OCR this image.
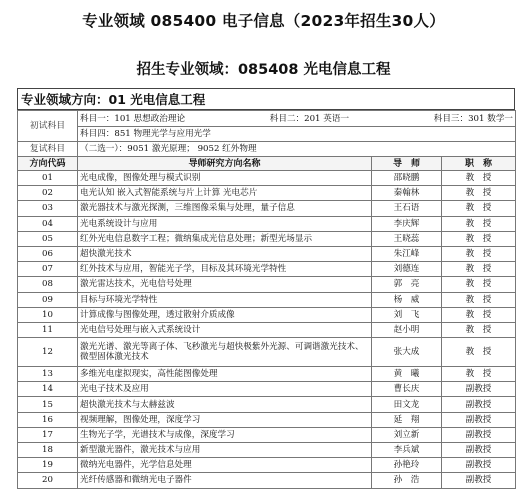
专业领域 085400 电子信息（2023年招生30人）
招生专业领域：085408 光电信息工程
专业领域方向：01 光电信息工程
初试科目	科目一：101 思想政治理论 科目二：201 英语一 科目三：301 数学一		

	科目四：851 物理光学与应用光学		
复试科目	（二选一）：9051 激光原理； 9052 红外物理		
方向代码	导师研究方向名称	导　师	职　称
01	光电成像，图像处理与模式识别	邵晓鹏	教　授
02	电光认知 嵌入式智能系统与片上计算 光电芯片	秦翰林	教　授
03	激光器技术与激光探测，三维图像采集与处理，量子信息	王石语	教　授
04	光电系统设计与应用	李庆辉	教　授
05	红外光电信息数字工程；微纳集成光信息处理；新型光场显示	王晓蕊	教　授
06	超快激光技术	朱江峰	教　授
07	红外技术与应用，智能光子学，目标及其环境光学特性	刘德连	教　授
08	激光雷达技术，光电信号处理	郭　亮	教　授
09	目标与环境光学特性	杨　威	教　授
10	计算成像与图像处理，透过散射介质成像	刘　飞	教　授
11	光电信号处理与嵌入式系统设计	赵小明	教　授
12	激光光谱、激光等离子体、飞秒激光与超快极紫外光源、可调谐激光技术、微型固体激光技术	张大成	教　授
13	多维光电虚拟现实，高性能图像处理	黄　曦	教　授
14	光电子技术及应用	曹长庆	副教授
15	超快激光技术与太赫兹波	田文龙	副教授
16	视频理解，图像处理，深度学习	延　翔	副教授
17	生物光子学，光谱技术与成像，深度学习	刘立新	副教授
18	新型激光器件，激光技术与应用	李兵斌	副教授
19	微纳光电器件，光学信息处理	孙艳玲	副教授
20	光纤传感器和微纳光电子器件	孙　浩	副教授
